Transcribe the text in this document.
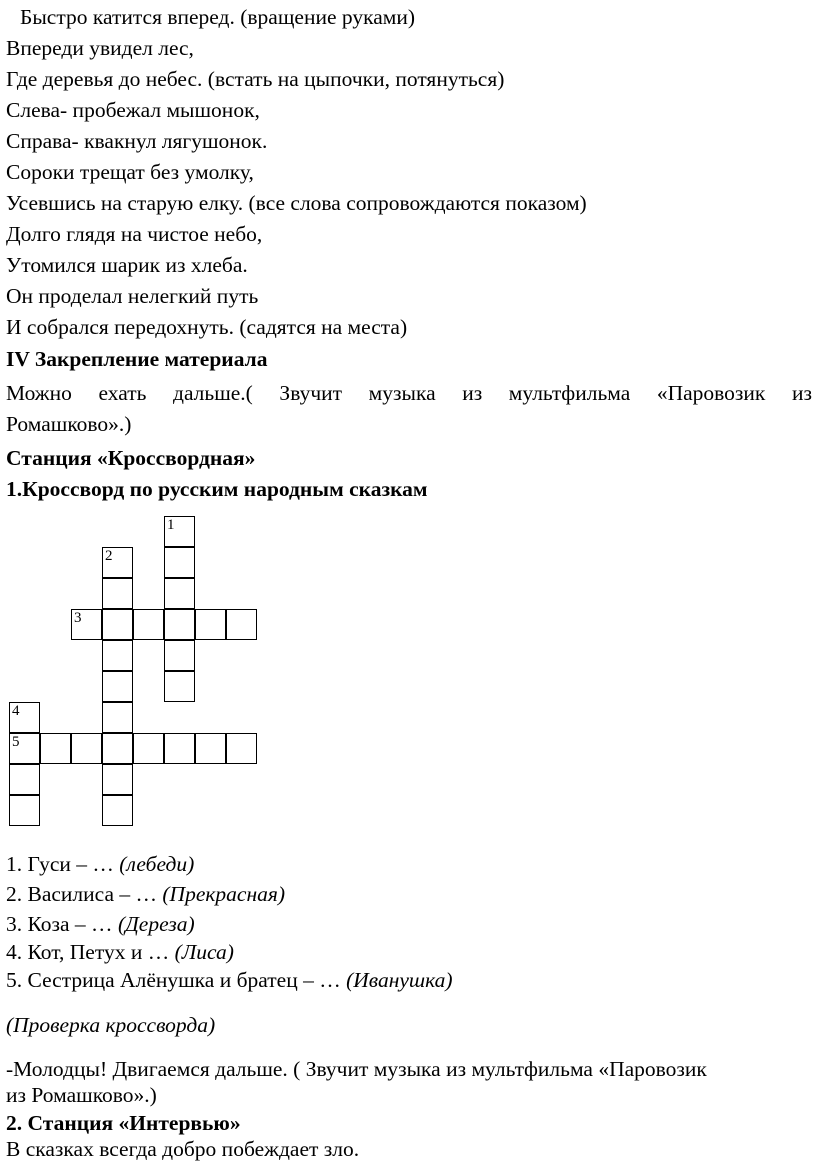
Быстро катится вперед. (вращение руками)
Впереди увидел лес,
Где деревья до небес. (встать на цыпочки, потянуться)
Слева- пробежал мышонок,
Справа- квакнул лягушонок.
Сороки трещат без умолку,
Усевшись на старую елку. (все слова сопровождаются показом)
Долго глядя на чистое небо,
Утомился шарик из хлеба.
Он проделал нелегкий путь
И собрался передохнуть. (садятся на места)
IV Закрепление материала
Можно ехать дальше.( Звучит музыка из мультфильма «Паровозик из
Ромашково».)
Станция «Кроссвордная»
1.Кроссворд по русским народным сказкам
1
2
3
4
5
1. Гуси – … (лебеди)
2. Василиса – … (Прекрасная)
3. Коза – … (Дереза)
4. Кот, Петух и … (Лиса)
5. Сестрица Алёнушка и братец – … (Иванушка)
(Проверка кроссворда)
-Молодцы! Двигаемся дальше. ( Звучит музыка из мультфильма «Паровозик
из Ромашково».)
2. Станция «Интервью»
В сказках всегда добро побеждает зло.
